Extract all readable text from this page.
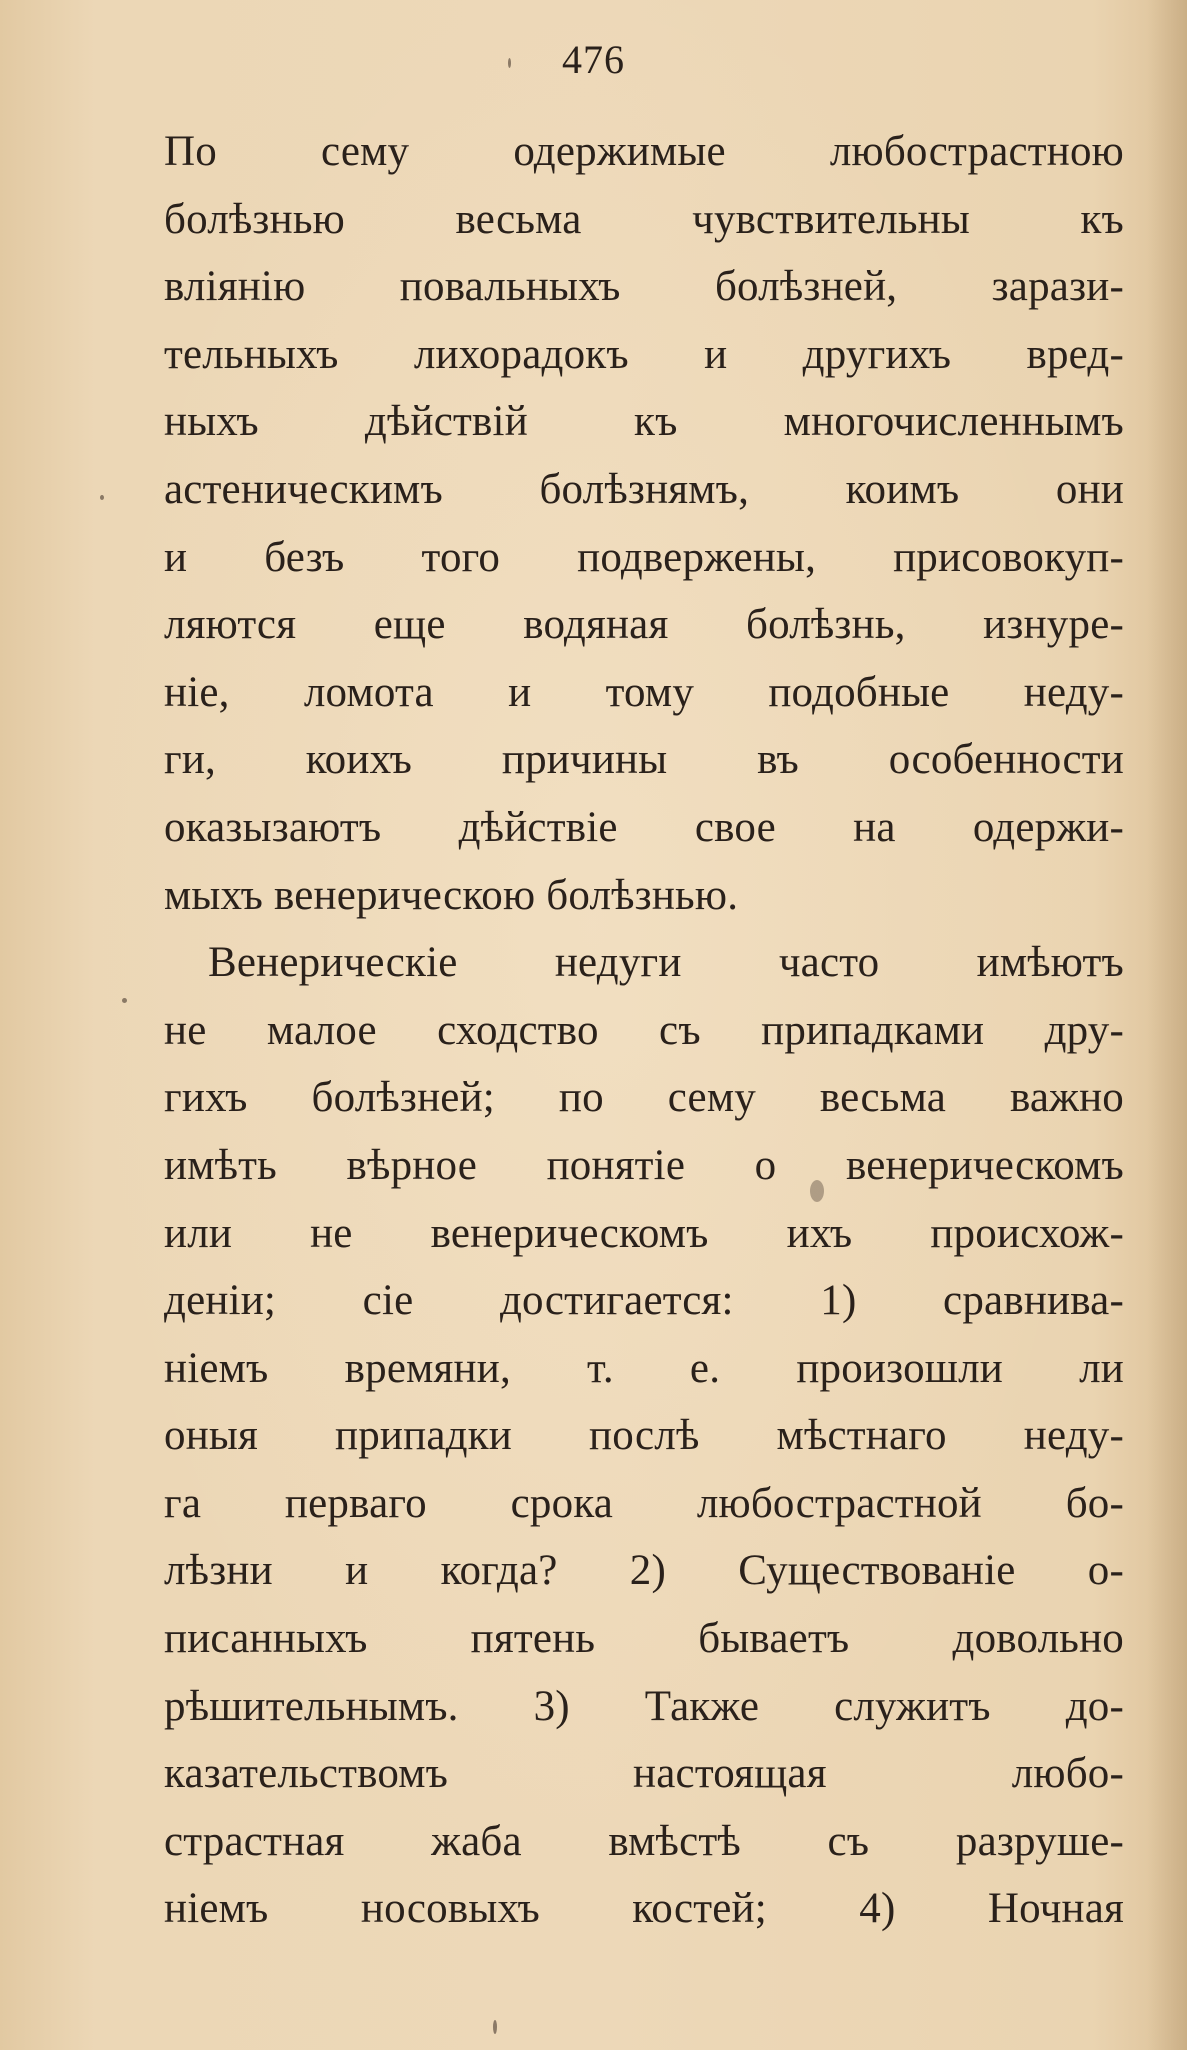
476
По сему одержимые любострастною
болѣзнью весьма чувствительны къ
влiянiю повальныхъ болѣзней, зарази-
тельныхъ лихорадокъ и другихъ вред-
ныхъ дѣйствiй къ многочисленнымъ
астеническимъ болѣзнямъ, коимъ они
и безъ того подвержены, присовокуп-
ляются еще водяная болѣзнь, изнуре-
нiе, ломота и тому подобные неду-
ги, коихъ причины въ особенности
оказызаютъ дѣйствiе свое на одержи-
мыхъ венерическою болѣзнью.
Венерическiе недуги часто имѣютъ
не малое сходство съ припадками дру-
гихъ болѣзней; по сему весьма важно
имѣть вѣрное понятiе о венерическомъ
или не венерическомъ ихъ происхож-
денiи; сiе достигается: 1) сравнива-
нiемъ времяни, т. е. произошли ли
оныя припадки послѣ мѣстнаго неду-
га перваго срока любострастной бо-
лѣзни и когда? 2) Существованiе о-
писанныхъ пятень бываетъ довольно
рѣшительнымъ. 3) Также служитъ до-
казательствомъ настоящая любо-
страстная жаба вмѣстѣ съ разруше-
нiемъ носовыхъ костей; 4) Ночная
